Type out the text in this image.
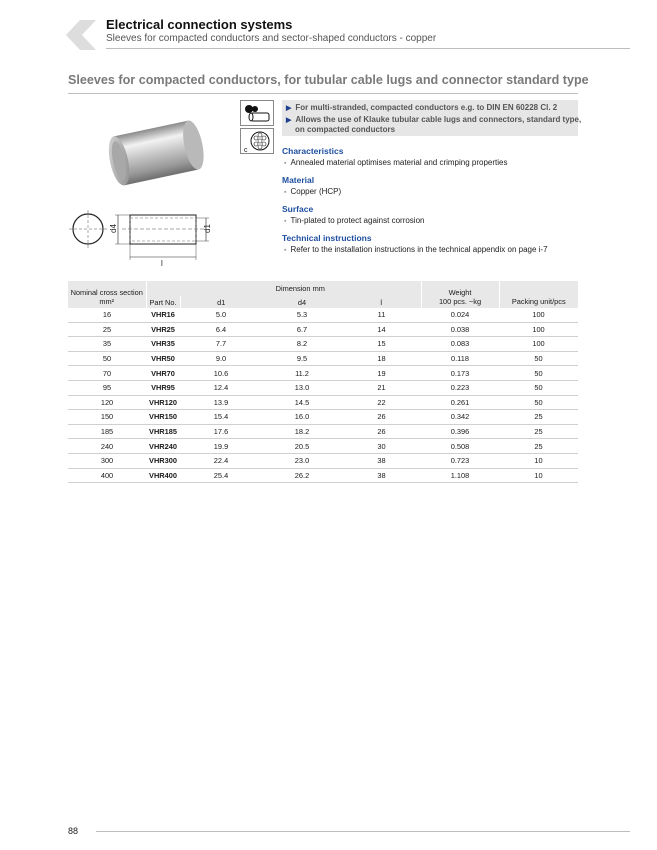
Electrical connection systems
Sleeves for compacted conductors and sector-shaped conductors - copper
Sleeves for compacted conductors, for tubular cable lugs and connector standard type
d4	d1
l
c
▶ For multi-stranded, compacted conductors e.g. to DIN EN 60228 Cl. 2
▶ Allows the use of Klauke tubular cable lugs and connectors, standard type,
on compacted conductors
Characteristics
▪ Annealed material optimises material and crimping properties
Material
▪ Copper (HCP)
Surface
▪ Tin-plated to protect against corrosion
Technical instructions
▪ Refer to the installation instructions in the technical appendix on page i-7
Nominal cross section
mm²		Dimension mm			Weight
100 pcs. ~kg	Packing unit/pcs
	Part No.	d1	d4	l		
16	VHR16	5.0	5.3	11	0.024	100
25	VHR25	6.4	6.7	14	0.038	100
35	VHR35	7.7	8.2	15	0.083	100
50	VHR50	9.0	9.5	18	0.118	50
70	VHR70	10.6	11.2	19	0.173	50
95	VHR95	12.4	13.0	21	0.223	50
120	VHR120	13.9	14.5	22	0.261	50
150	VHR150	15.4	16.0	26	0.342	25
185	VHR185	17.6	18.2	26	0.396	25
240	VHR240	19.9	20.5	30	0.508	25
300	VHR300	22.4	23.0	38	0.723	10
400	VHR400	25.4	26.2	38	1.108	10
88
